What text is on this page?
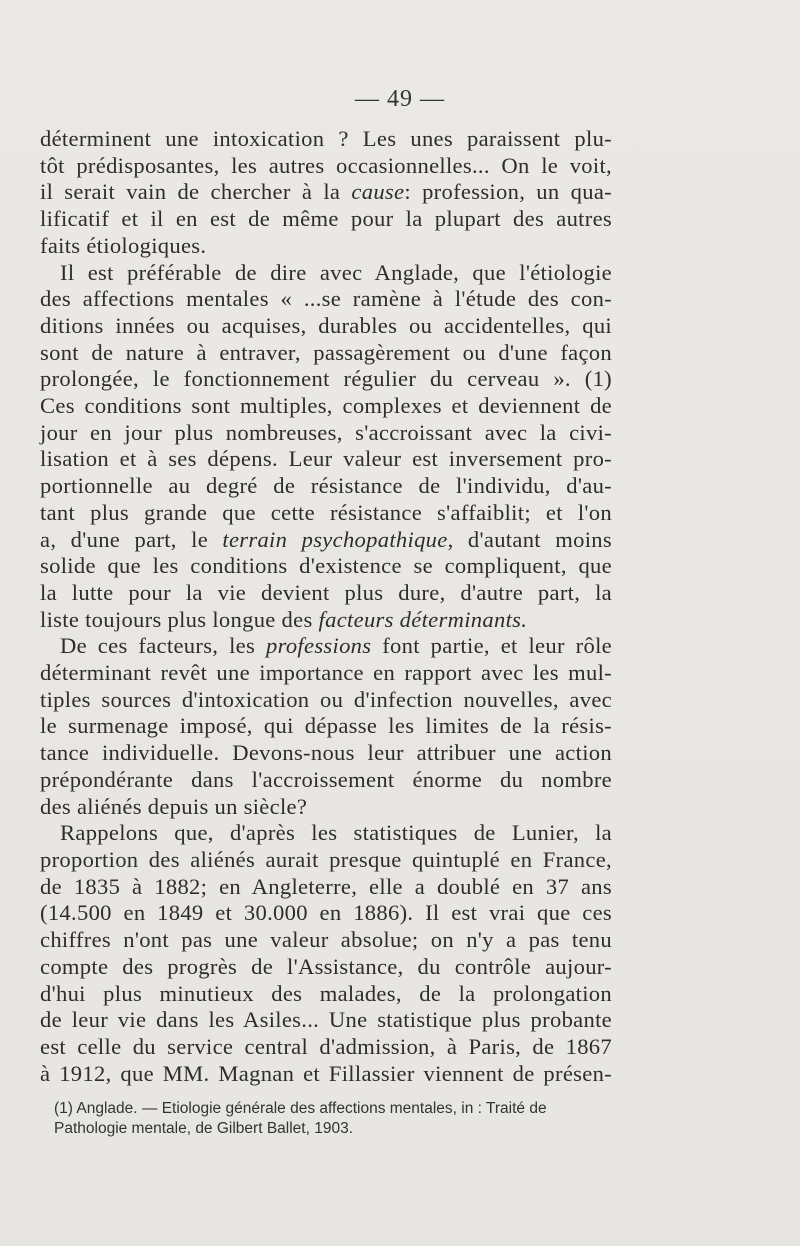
— 49 —
déterminent une intoxication ? Les unes paraissent plu-
tôt prédisposantes, les autres occasionnelles... On le voit,
il serait vain de chercher à la cause: profession, un qua-
lificatif et il en est de même pour la plupart des autres
faits étiologiques.
Il est préférable de dire avec Anglade, que l'étiologie
des affections mentales « ...se ramène à l'étude des con-
ditions innées ou acquises, durables ou accidentelles, qui
sont de nature à entraver, passagèrement ou d'une façon
prolongée, le fonctionnement régulier du cerveau ». (1)
Ces conditions sont multiples, complexes et deviennent de
jour en jour plus nombreuses, s'accroissant avec la civi-
lisation et à ses dépens. Leur valeur est inversement pro-
portionnelle au degré de résistance de l'individu, d'au-
tant plus grande que cette résistance s'affaiblit; et l'on
a, d'une part, le terrain psychopathique, d'autant moins
solide que les conditions d'existence se compliquent, que
la lutte pour la vie devient plus dure, d'autre part, la
liste toujours plus longue des facteurs déterminants.
De ces facteurs, les professions font partie, et leur rôle
déterminant revêt une importance en rapport avec les mul-
tiples sources d'intoxication ou d'infection nouvelles, avec
le surmenage imposé, qui dépasse les limites de la résis-
tance individuelle. Devons-nous leur attribuer une action
prépondérante dans l'accroissement énorme du nombre
des aliénés depuis un siècle?
Rappelons que, d'après les statistiques de Lunier, la
proportion des aliénés aurait presque quintuplé en France,
de 1835 à 1882; en Angleterre, elle a doublé en 37 ans
(14.500 en 1849 et 30.000 en 1886). Il est vrai que ces
chiffres n'ont pas une valeur absolue; on n'y a pas tenu
compte des progrès de l'Assistance, du contrôle aujour-
d'hui plus minutieux des malades, de la prolongation
de leur vie dans les Asiles... Une statistique plus probante
est celle du service central d'admission, à Paris, de 1867
à 1912, que MM. Magnan et Fillassier viennent de présen-
(1) Anglade. — Etiologie générale des affections mentales, in : Traité de
Pathologie mentale, de Gilbert Ballet, 1903.
